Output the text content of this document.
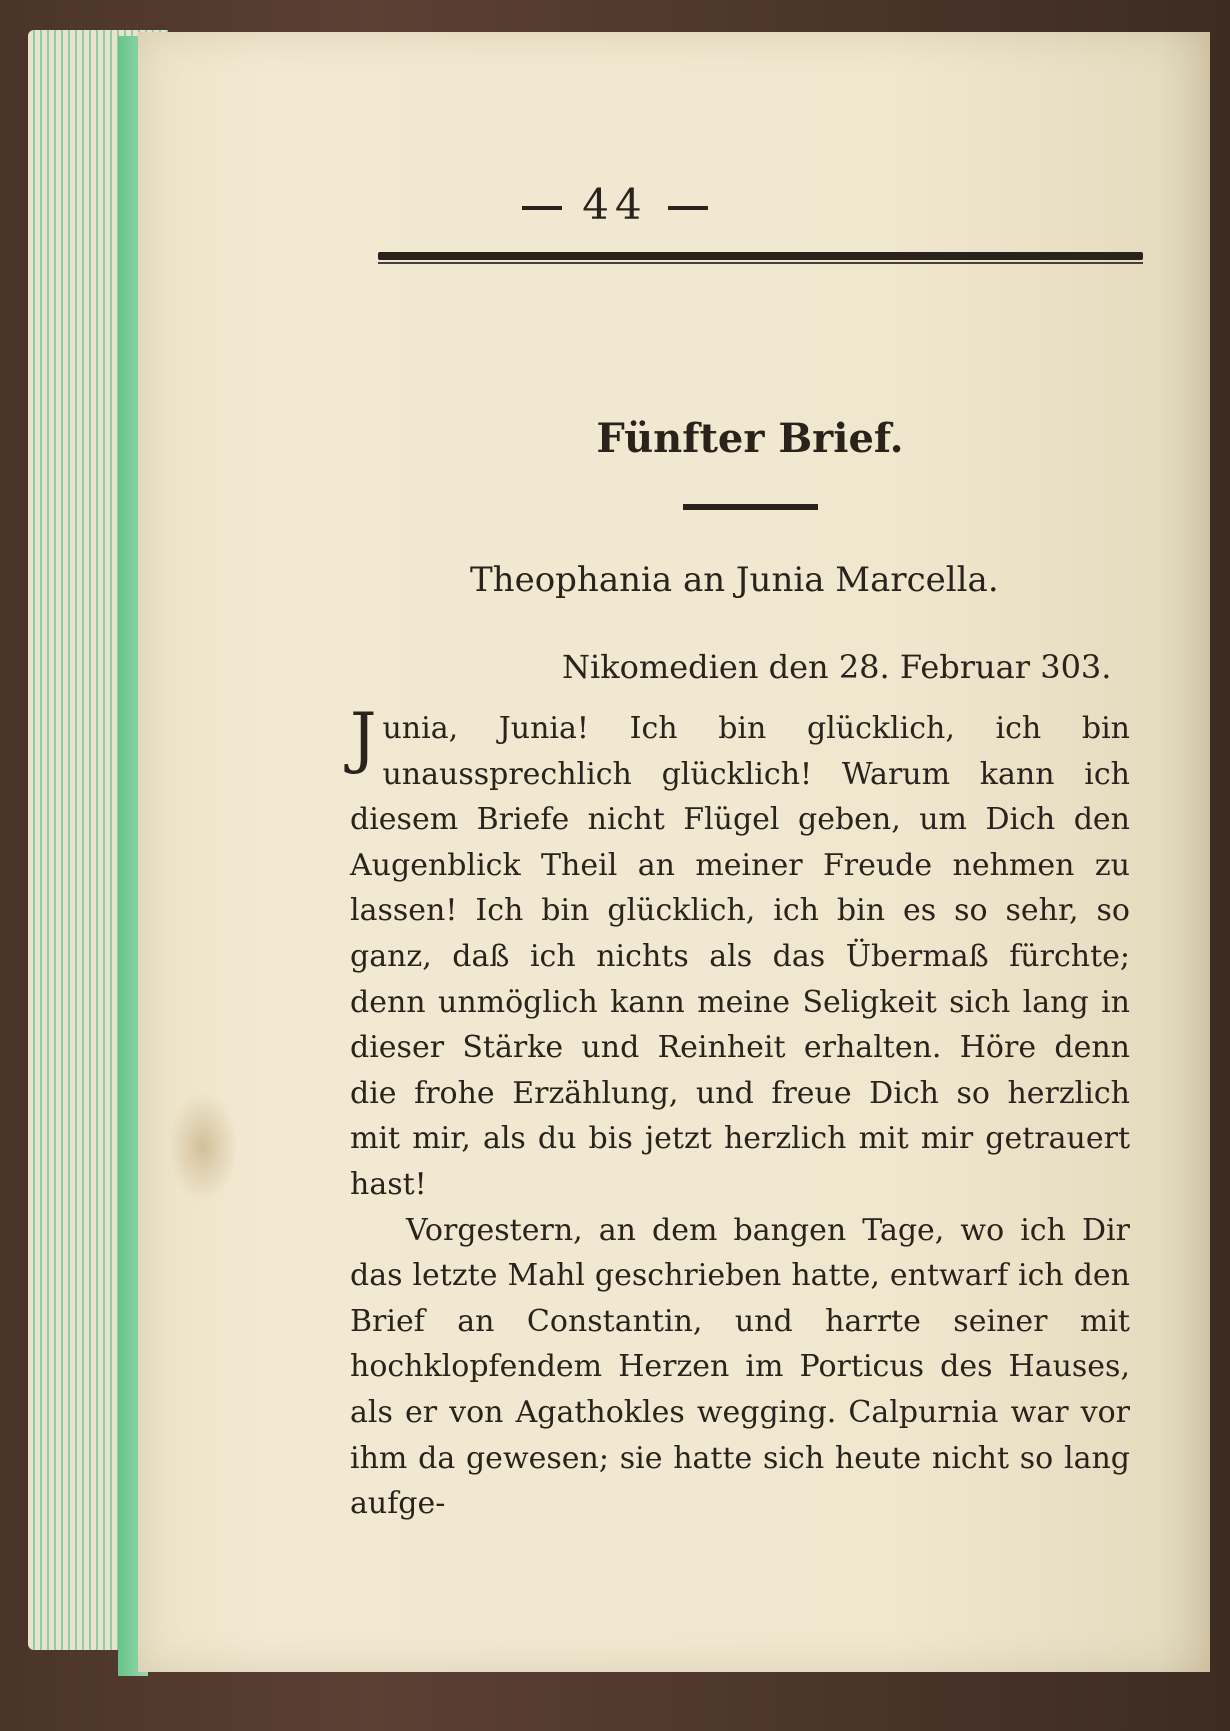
44
Fünfter Brief.
Theophania an Junia Marcella.
Nikomedien den 28. Februar 303.

Junia, Junia! Ich bin glücklich, ich bin unaussprechlich glücklich! Warum kann ich diesem Briefe nicht Flügel geben, um Dich den Augenblick Theil an meiner Freude nehmen zu lassen! Ich bin glücklich, ich bin es so sehr, so ganz, daß ich nichts als das Übermaß fürchte; denn unmöglich kann meine Seligkeit sich lang in dieser Stärke und Reinheit erhalten. Höre denn die frohe Erzählung, und freue Dich so herzlich mit mir, als du bis jetzt herzlich mit mir getrauert hast!

Vorgestern, an dem bangen Tage, wo ich Dir das letzte Mahl geschrieben hatte, entwarf ich den Brief an Constantin, und harrte seiner mit hochklopfendem Herzen im Porticus des Hauses, als er von Agathokles wegging. Calpurnia war vor ihm da gewesen; sie hatte sich heute nicht so lang aufge-
